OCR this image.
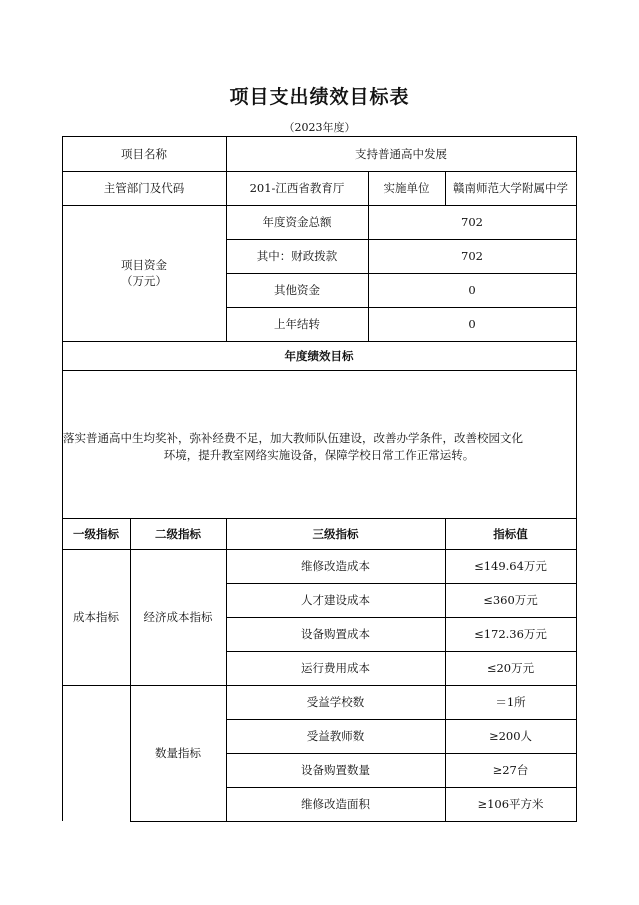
项目支出绩效目标表
（2023年度）
项目名称	支持普通高中发展
主管部门及代码	201-江西省教育厅	实施单位	赣南师范大学附属中学
项目资金
（万元）
年度资金总额	702
其中：财政拨款	702
其他资金	0
上年结转	0
年度绩效目标
落实普通高中生均奖补，弥补经费不足，加大教师队伍建设，改善办学条件，改善校园文化
环境，提升教室网络实施设备，保障学校日常工作正常运转。
一级指标	二级指标	三级指标	指标值
成本指标	经济成本指标
维修改造成本	≤149.64万元
人才建设成本	≤360万元
设备购置成本	≤172.36万元
运行费用成本	≤20万元
数量指标
受益学校数	＝1所
受益教师数	≥200人
设备购置数量	≥27台
维修改造面积	≥106平方米
